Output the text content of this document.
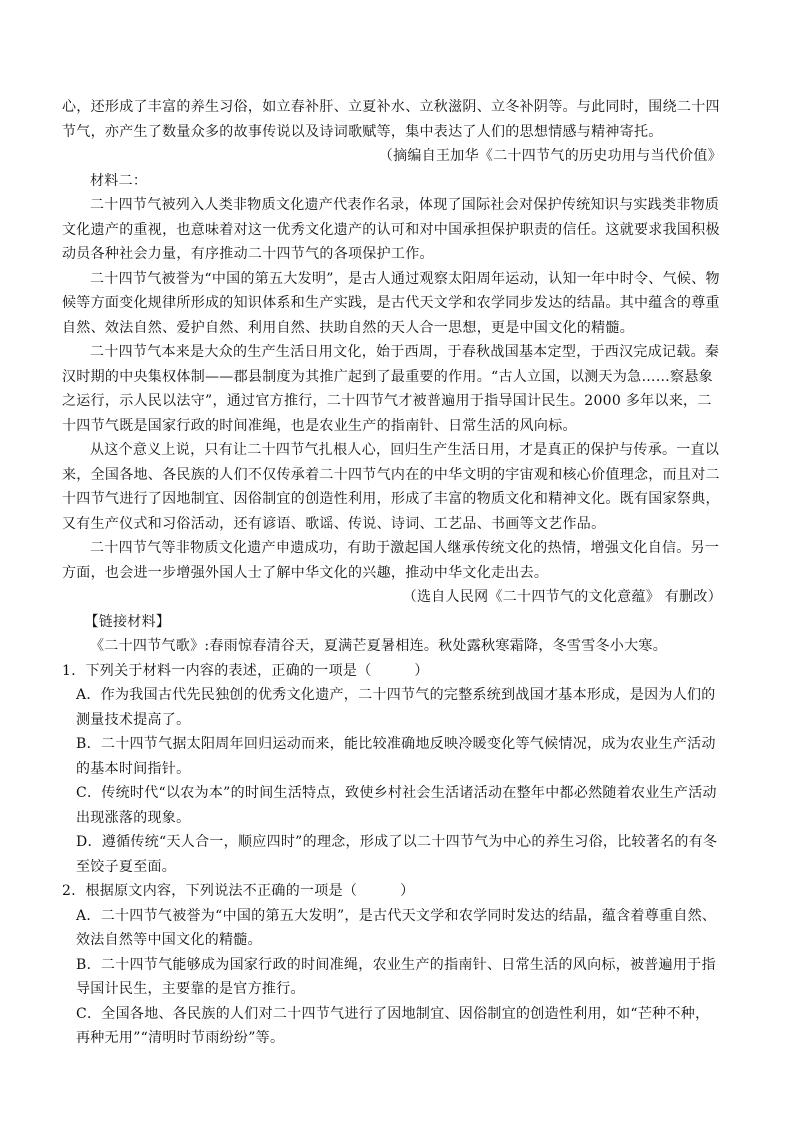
心，还形成了丰富的养生习俗，如立春补肝、立夏补水、立秋滋阴、立冬补阴等。与此同时，围绕二十四节气，亦产生了数量众多的故事传说以及诗词歌赋等，集中表达了人们的思想情感与精神寄托。

（摘编自王加华《二十四节气的历史功用与当代价值》

材料二：

二十四节气被列入人类非物质文化遗产代表作名录，体现了国际社会对保护传统知识与实践类非物质文化遗产的重视，也意味着对这一优秀文化遗产的认可和对中国承担保护职责的信任。这就要求我国积极动员各种社会力量，有序推动二十四节气的各项保护工作。

二十四节气被誉为“中国的第五大发明”，是古人通过观察太阳周年运动，认知一年中时令、气候、物候等方面变化规律所形成的知识体系和生产实践，是古代天文学和农学同步发达的结晶。其中蕴含的尊重自然、效法自然、爱护自然、利用自然、扶助自然的天人合一思想，更是中国文化的精髓。

二十四节气本来是大众的生产生活日用文化，始于西周，于春秋战国基本定型，于西汉完成记载。秦汉时期的中央集权体制——郡县制度为其推广起到了最重要的作用。“古人立国，以测天为急……察悬象之运行，示人民以法守”，通过官方推行，二十四节气才被普遍用于指导国计民生。2000 多年以来，二十四节气既是国家行政的时间准绳，也是农业生产的指南针、日常生活的风向标。

从这个意义上说，只有让二十四节气扎根人心，回归生产生活日用，才是真正的保护与传承。一直以来，全国各地、各民族的人们不仅传承着二十四节气内在的中华文明的宇宙观和核心价值理念，而且对二十四节气进行了因地制宜、因俗制宜的创造性利用，形成了丰富的物质文化和精神文化。既有国家祭典，又有生产仪式和习俗活动，还有谚语、歌谣、传说、诗词、工艺品、书画等文艺作品。

二十四节气等非物质文化遗产申遗成功，有助于激起国人继承传统文化的热情，增强文化自信。另一方面，也会进一步增强外国人士了解中华文化的兴趣，推动中华文化走出去。

（选自人民网《二十四节气的文化意蕴》 有删改）

【链接材料】

《二十四节气歌》:春雨惊春清谷天，夏满芒夏暑相连。秋处露秋寒霜降，冬雪雪冬小大寒。

1．下列关于材料一内容的表述，正确的一项是（　　　）

A．作为我国古代先民独创的优秀文化遗产，二十四节气的完整系统到战国才基本形成，是因为人们的测量技术提高了。

B．二十四节气据太阳周年回归运动而来，能比较准确地反映冷暖变化等气候情况，成为农业生产活动的基本时间指针。

C．传统时代“以农为本”的时间生活特点，致使乡村社会生活诸活动在整年中都必然随着农业生产活动出现涨落的现象。

D．遵循传统“天人合一，顺应四时”的理念，形成了以二十四节气为中心的养生习俗，比较著名的有冬至饺子夏至面。

2．根据原文内容，下列说法不正确的一项是（　　　）

A．二十四节气被誉为“中国的第五大发明”，是古代天文学和农学同时发达的结晶，蕴含着尊重自然、效法自然等中国文化的精髓。

B．二十四节气能够成为国家行政的时间准绳，农业生产的指南针、日常生活的风向标，被普遍用于指导国计民生，主要靠的是官方推行。

C．全国各地、各民族的人们对二十四节气进行了因地制宜、因俗制宜的创造性利用，如“芒种不种，再种无用”“清明时节雨纷纷”等。
